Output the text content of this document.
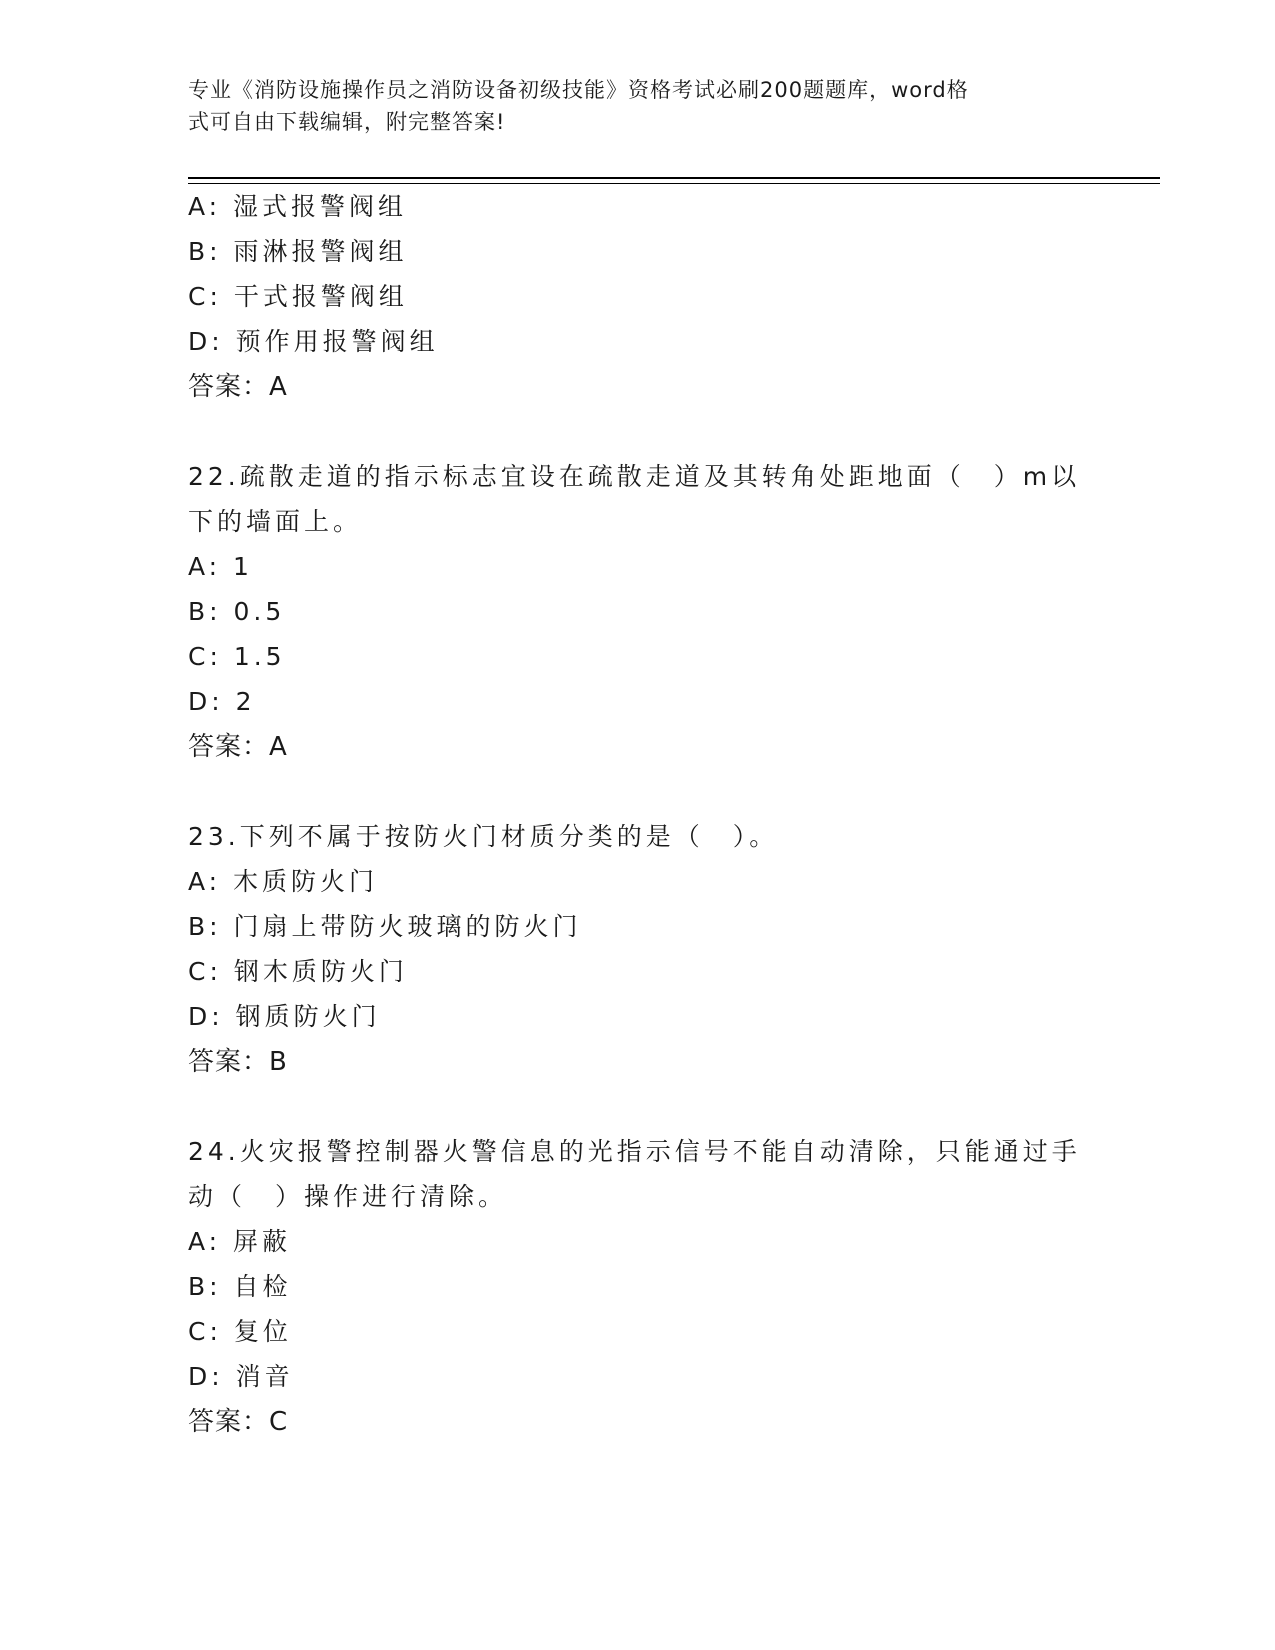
专业《消防设施操作员之消防设备初级技能》资格考试必刷200题题库，word格
式可自由下载编辑，附完整答案!

A: 湿式报警阀组

B: 雨淋报警阀组

C: 干式报警阀组

D: 预作用报警阀组

答案：A

22.疏散走道的指示标志宜设在疏散走道及其转角处距地面（　）m以

下的墙面上。

A: 1

B: 0.5

C: 1.5

D: 2

答案：A

23.下列不属于按防火门材质分类的是（　）。

A: 木质防火门

B: 门扇上带防火玻璃的防火门

C: 钢木质防火门

D: 钢质防火门

答案：B

24.火灾报警控制器火警信息的光指示信号不能自动清除，只能通过手

动（　）操作进行清除。

A: 屏蔽

B: 自检

C: 复位

D: 消音

答案：C
